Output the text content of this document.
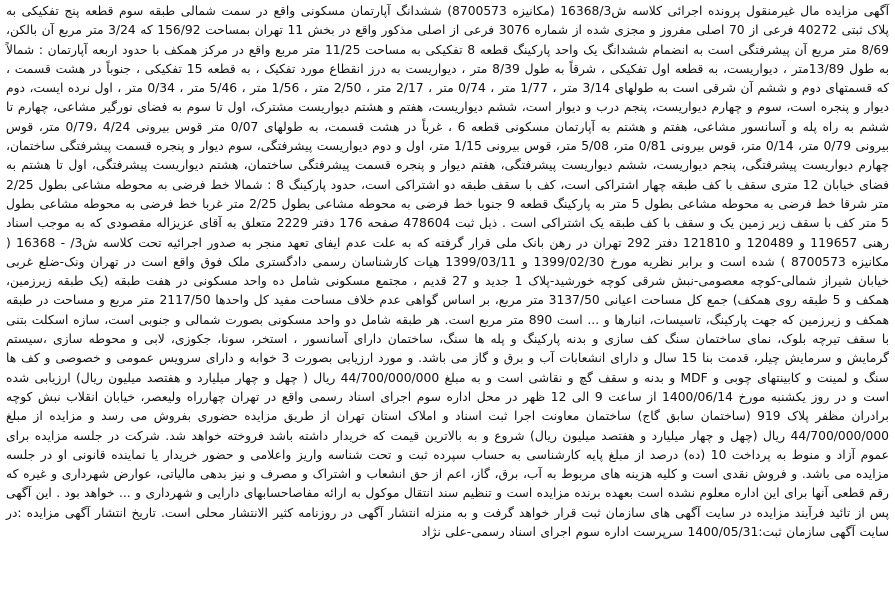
آگهی مزایده مال غیرمنقول پرونده اجرائی کلاسه ش16368/3 (مکانیزه 8700573) ششدانگ آپارتمان مسکونی واقع در سمت شمالی طبقه سوم قطعه پنج تفکیکی به پلاک ثبتی 40272 فرعی از 70 اصلی مفروز و مجزی شده از شماره 3076 فرعی از اصلی مذکور واقع در بخش 11 تهران بمساحت 156/92 که 3/24 متر مربع آن بالکن، 8/69 متر مربع آن پیشرفتگی است به انضمام ششدانگ یک واحد پارکینگ قطعه 8 تفکیکی به مساحت 11/25 متر مربع واقع در مرکز همکف با حدود اربعه آپارتمان : شمالاً به طول 13/89متر ، دیواریست، به قطعه اول تفکیکی ، شرقاً به طول 8/39 متر ، دیواریست به درز انقطاع مورد تفکیک ، به قطعه 15 تفکیکی ، جنوباً در هشت قسمت ، که قسمتهای دوم و ششم آن شرقی است به طولهای 3/14 متر ، 1/77 متر ، 0/74 متر ، 2/17 متر ، 2/50 متر ، 1/56 متر ، 5/46 متر ، 0/34 متر ، اول نرده ایست، دوم دیوار و پنجره است، سوم و چهارم دیواریست، پنجم درب و دیوار است، ششم دیواریست، هفتم و هشتم دیواریست مشترک، اول تا سوم به فضای نورگیر مشاعی، چهارم تا ششم به راه پله و آسانسور مشاعی، هفتم و هشتم به آپارتمان مسکونی قطعه 6 ، غرباً در هشت قسمت، به طولهای 0/07 متر قوس بیرونی 4/24 ،0/79 متر، قوس بیرونی 0/79 متر، 0/14 متر، قوس بیرونی 0/81 متر، 5/08 متر، قوس بیرونی 1/15 متر، اول و دوم دیواریست پیشرفتگی، سوم دیوار و پنجره قسمت پیشرفتگی ساختمان، چهارم دیواریست پیشرفتگی، پنجم دیواریست، ششم دیواریست پیشرفتگی، هفتم دیوار و پنجره قسمت پیشرفتگی ساختمان، هشتم دیواریست پیشرفتگی، اول تا هشتم به فضای خیابان 12 متری سقف با کف طبقه چهار اشتراکی است، کف با سقف طبقه دو اشتراکی است، حدود پارکینگ 8 : شمالا خط فرضی به محوطه مشاعی بطول 2/25 متر شرقا خط فرضی به محوطه مشاعی بطول 5 متر به پارکینگ قطعه 9 جنوبا خط فرضی به محوطه مشاعی بطول 2/25 متر غربا خط فرضی به محوطه مشاعی بطول 5 متر کف با سقف زیر زمین یک و سقف با کف طبقه یک اشتراکی است . ذیل ثبت 478604 صفحه 176 دفتر 2229 متعلق به آقای عزیزاله مقصودی که به موجب اسناد رهنی 119657 و 120489 و 121810 دفتر 292 تهران در رهن بانک ملی قرار گرفته که به علت عدم ایفای تعهد منجر به صدور اجرائیه تحت کلاسه ش3/ - 16368 ( مکانیزه 8700573 ) شده است و برابر نظریه مورخ 1399/02/30 و 1399/03/11 هیات کارشناسان رسمی دادگستری ملک فوق واقع است در تهران ونک-ضلع غربی خیابان شیراز شمالی-کوچه معصومی-نبش شرقی کوچه خورشید-پلاک 1 جدید و 27 قدیم ، مجتمع مسکونی شامل ده واحد مسکونی در هفت طبقه (یک طبقه زیرزمین، همکف و 5 طبقه روی همکف) جمع کل مساحت اعیانی 3137/50 متر مربع، بر اساس گواهی عدم خلاف مساحت مفید کل واحدها 2117/50 متر مربع و مساحت در طبقه همکف و زیرزمین که جهت پارکینگ، تاسیسات، انبارها و ... است 890 متر مربع است. هر طبقه شامل دو واحد مسکونی بصورت شمالی و جنوبی است، سازه اسکلت بتنی با سقف تیرچه بلوک، نمای ساختمان سنگ کف سازی و بدنه پارکینگ و پله ها سنگ، ساختمان دارای آسانسور ، استخر، سونا، جکوزی، لابی و محوطه سازی ،سیستم گرمایش و سرمایش چیلر، قدمت بنا 15 سال و دارای انشعابات آب و برق و گاز می باشد. و مورد ارزیابی بصورت 3 خوابه و دارای سرویس عمومی و خصوصی و کف ها سنگ و لمینت و کابینتهای چوبی و MDF و بدنه و سقف گچ و نقاشی است و به مبلغ 44/700/000/000 ریال ( چهل و چهار میلیارد و هفتصد میلیون ریال) ارزیابی شده است و در روز یکشنبه مورخ 1400/06/14 از ساعت 9 الی 12 ظهر در محل اداره سوم اجرای اسناد رسمی واقع در تهران چهارراه ولیعصر، خیابان انقلاب نبش کوچه برادران مظفر پلاک 919 (ساختمان سابق گاج) ساختمان معاونت اجرا ثبت اسناد و املاک استان تهران از طریق مزایده حضوری بفروش می رسد و مزایده از مبلغ 44/700/000/000 ریال (چهل و چهار میلیارد و هفتصد میلیون ریال) شروع و به بالاترین قیمت که خریدار داشته باشد فروخته خواهد شد. شرکت در جلسه مزایده برای عموم آزاد و منوط به پرداخت 10 (ده) درصد از مبلغ پایه کارشناسی به حساب سپرده ثبت و تحت شناسه واریز واعلامی و حضور خریدار یا نماینده قانونی او در جلسه مزایده می باشد. و فروش نقدی است و کلیه هزینه های مربوط به آب، برق، گاز، اعم از حق انشعاب و اشتراک و مصرف و نیز بدهی مالیاتی، عوارض شهرداری و غیره که رقم قطعی آنها برای این اداره معلوم نشده است بعهده برنده مزایده است و تنظیم سند انتقال موکول به ارائه مفاصاحسابهای دارایی و شهرداری و ... خواهد بود . این آگهی پس از تائید فرآیند مزایده در سایت آگهی های سازمان ثبت قرار خواهد گرفت و به منزله انتشار آگهی در روزنامه کثیر الانتشار محلی است. تاریخ انتشار آگهی مزایده :در سایت آگهی سازمان ثبت:1400/05/31 سرپرست اداره سوم اجرای اسناد رسمی-علی نژاد
